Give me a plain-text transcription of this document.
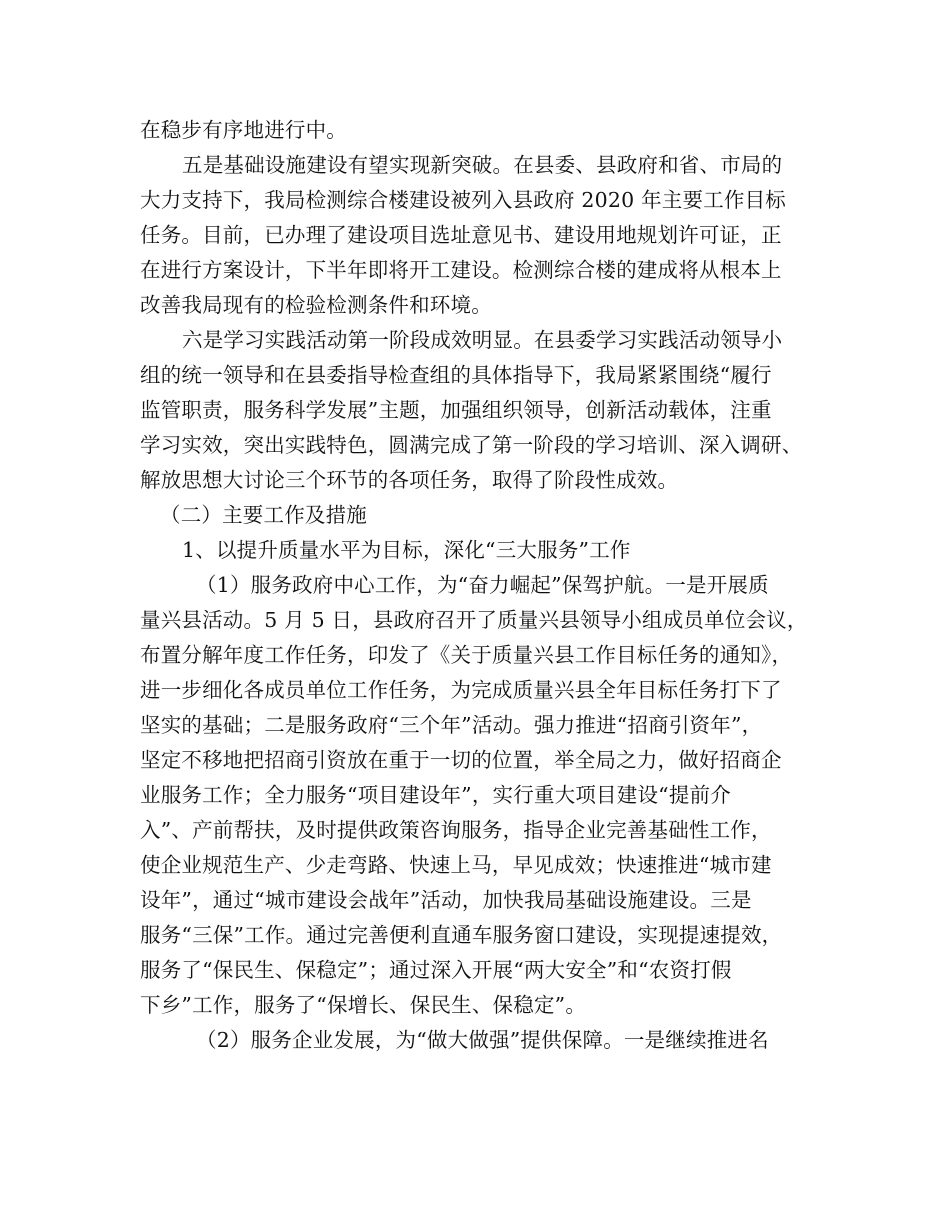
在稳步有序地进行中。
五是基础设施建设有望实现新突破。在县委、县政府和省、市局的
大力支持下，我局检测综合楼建设被列入县政府 2020 年主要工作目标
任务。目前，已办理了建设项目选址意见书、建设用地规划许可证，正
在进行方案设计，下半年即将开工建设。检测综合楼的建成将从根本上
改善我局现有的检验检测条件和环境。
六是学习实践活动第一阶段成效明显。在县委学习实践活动领导小
组的统一领导和在县委指导检查组的具体指导下，我局紧紧围绕“履行
监管职责，服务科学发展”主题，加强组织领导，创新活动载体，注重
学习实效，突出实践特色，圆满完成了第一阶段的学习培训、深入调研、
解放思想大讨论三个环节的各项任务，取得了阶段性成效。
（二）主要工作及措施
1、以提升质量水平为目标，深化“三大服务”工作
（1）服务政府中心工作，为“奋力崛起”保驾护航。一是开展质
量兴县活动。5 月 5 日，县政府召开了质量兴县领导小组成员单位会议，
布置分解年度工作任务，印发了《关于质量兴县工作目标任务的通知》，
进一步细化各成员单位工作任务，为完成质量兴县全年目标任务打下了
坚实的基础；二是服务政府“三个年”活动。强力推进“招商引资年”，
坚定不移地把招商引资放在重于一切的位置，举全局之力，做好招商企
业服务工作；全力服务“项目建设年”，实行重大项目建设“提前介
入”、产前帮扶，及时提供政策咨询服务，指导企业完善基础性工作，
使企业规范生产、少走弯路、快速上马，早见成效；快速推进“城市建
设年”，通过“城市建设会战年”活动，加快我局基础设施建设。三是
服务“三保”工作。通过完善便利直通车服务窗口建设，实现提速提效，
服务了“保民生、保稳定”；通过深入开展“两大安全”和“农资打假
下乡”工作，服务了“保增长、保民生、保稳定”。
（2）服务企业发展，为“做大做强”提供保障。一是继续推进名
